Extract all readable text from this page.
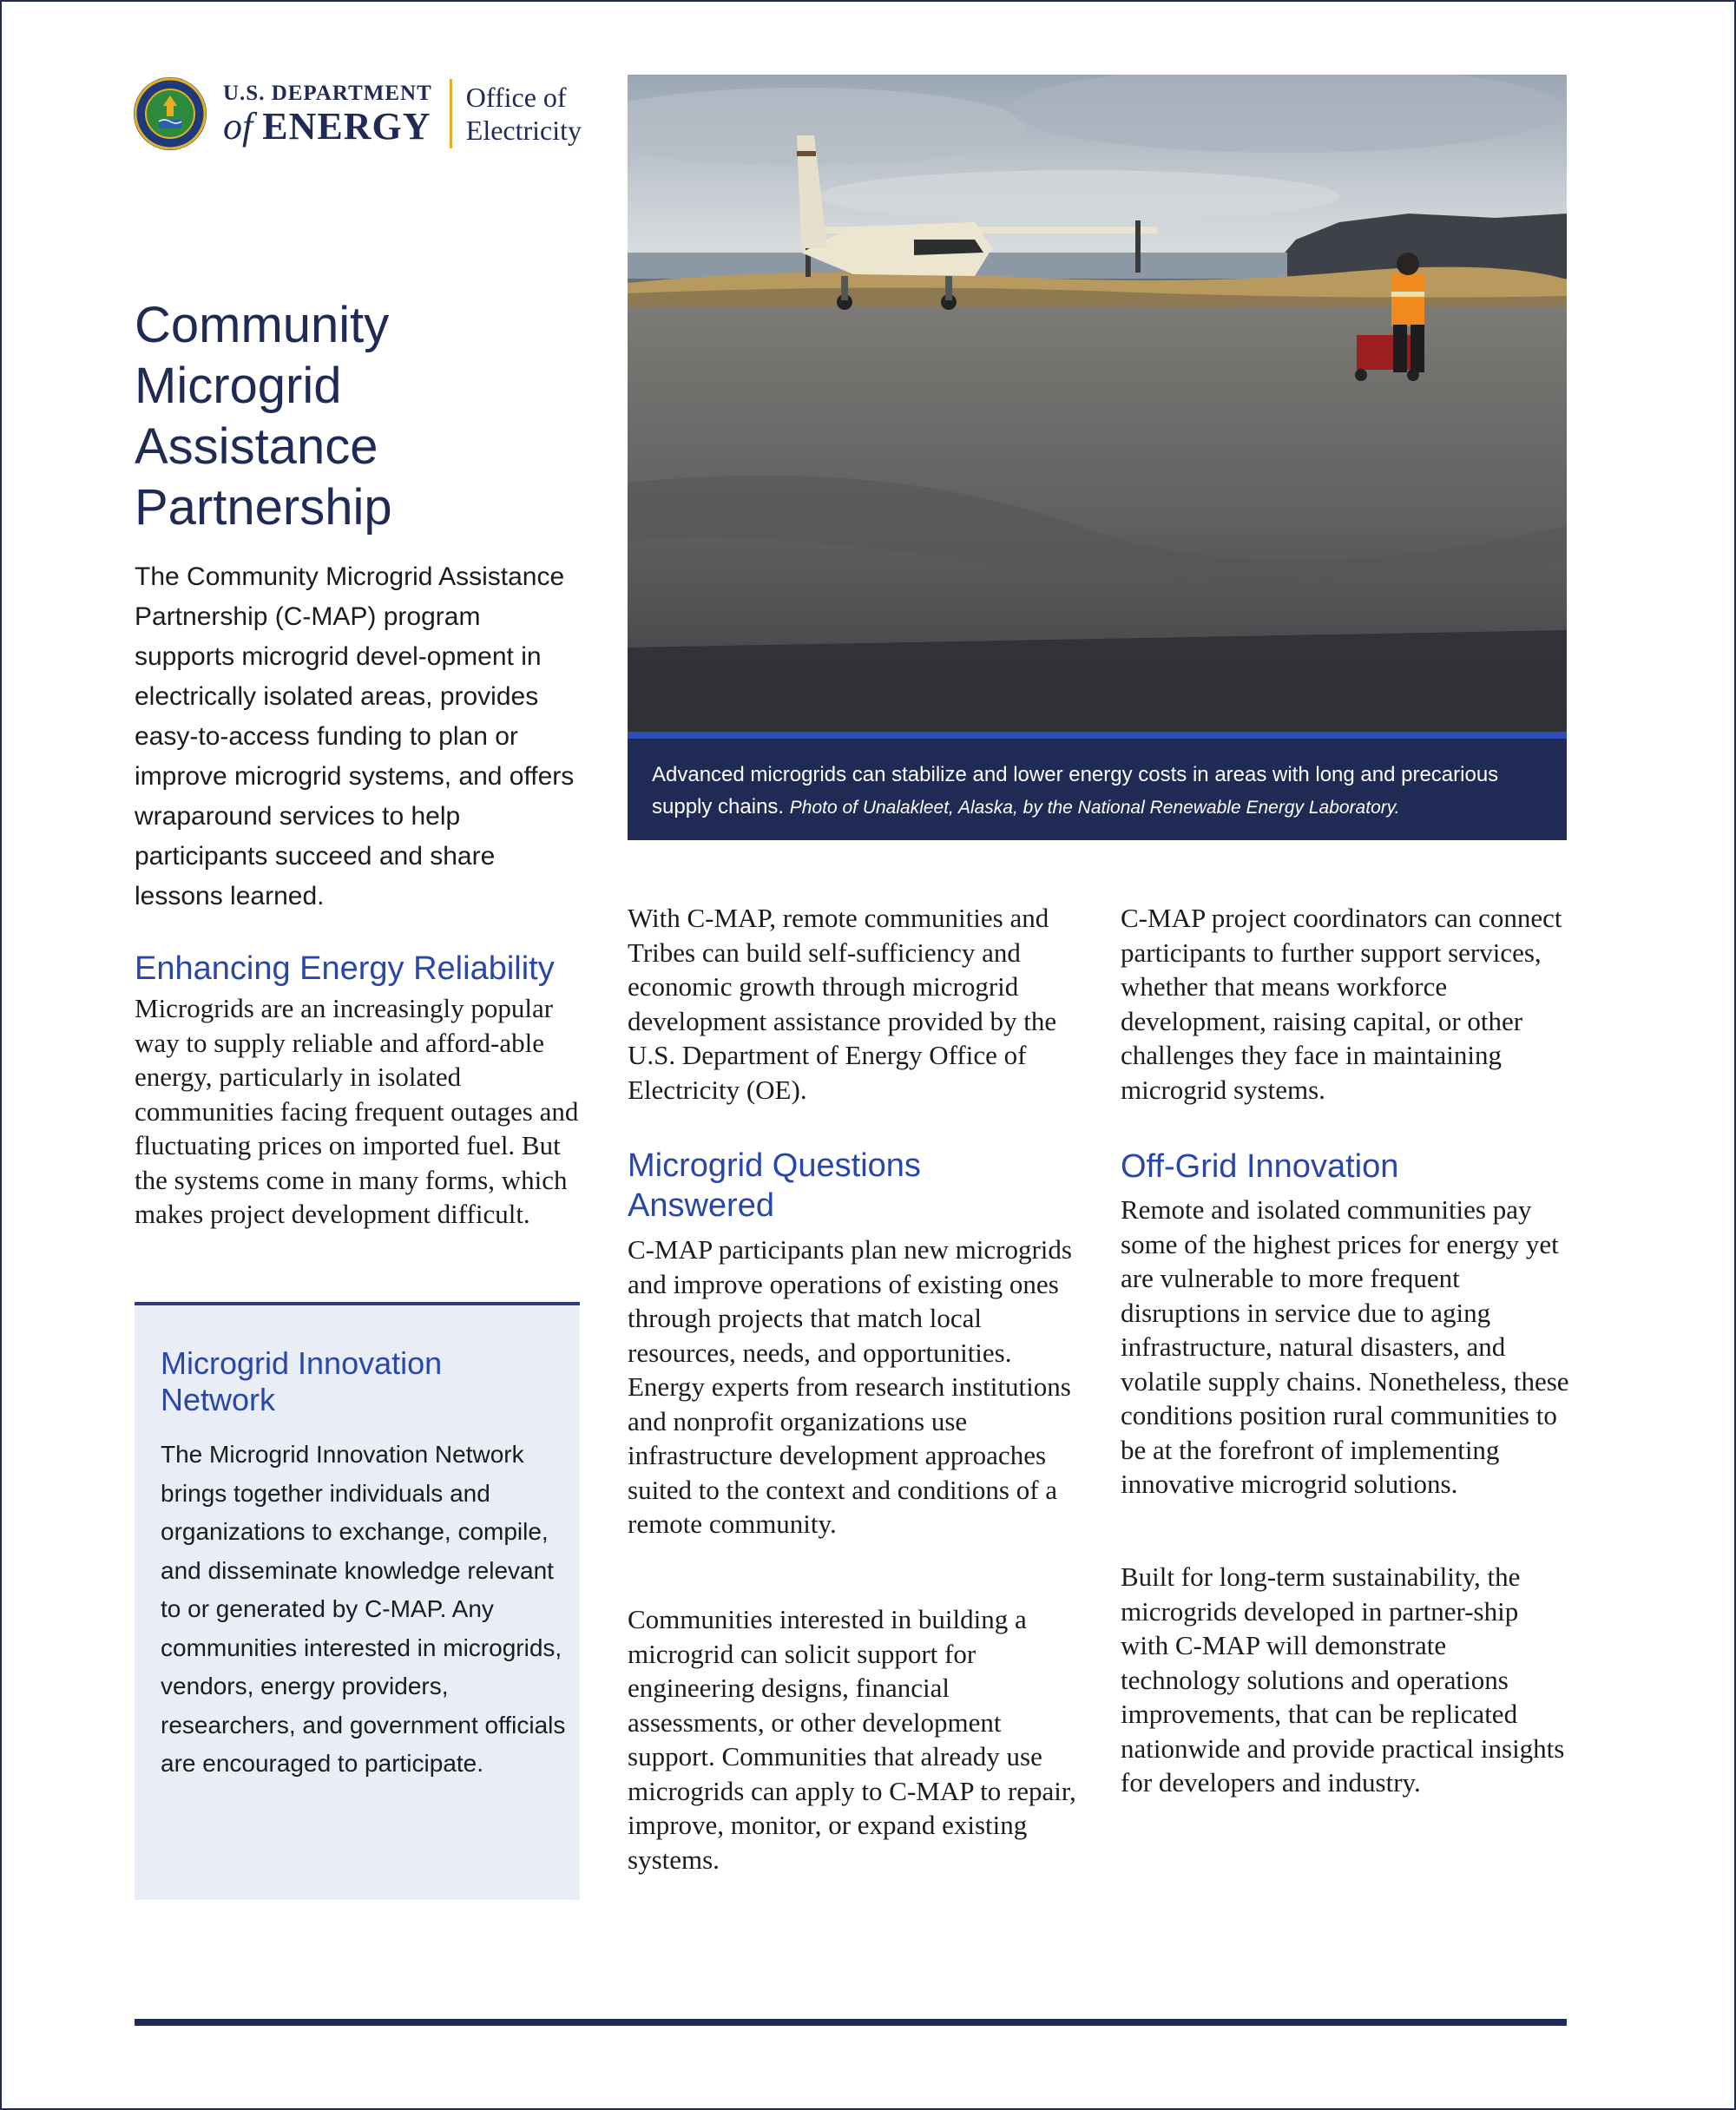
U.S. DEPARTMENT
of ENERGY
Office of
Electricity
Community Microgrid Assistance Partnership

The Community Microgrid Assistance Partnership (C-MAP) program supports microgrid devel-opment in electrically isolated areas, provides easy-to-access funding to plan or improve microgrid systems, and offers wraparound services to help participants succeed and share lessons learned.

Enhancing Energy Reliability

Microgrids are an increasingly popular way to supply reliable and afford-able energy, particularly in isolated communities facing frequent outages and fluctuating prices on imported fuel. But the systems come in many forms, which makes project development difficult.

Microgrid Innovation Network

The Microgrid Innovation Network brings together individuals and organizations to exchange, compile, and disseminate knowledge relevant to or generated by C-MAP. Any communities interested in microgrids, vendors, energy providers, researchers, and government officials are encouraged to participate.

Advanced microgrids can stabilize and lower energy costs in areas with long and precarious supply chains. Photo of Unalakleet, Alaska, by the National Renewable Energy Laboratory.

With C-MAP, remote communities and Tribes can build self-sufficiency and economic growth through microgrid development assistance provided by the U.S. Department of Energy Office of Electricity (OE).

Microgrid Questions Answered

C-MAP participants plan new microgrids and improve operations of existing ones through projects that match local resources, needs, and opportunities. Energy experts from research institutions and nonprofit organizations use infrastructure development approaches suited to the context and conditions of a remote community.

Communities interested in building a microgrid can solicit support for engineering designs, financial assessments, or other development support. Communities that already use microgrids can apply to C-MAP to repair, improve, monitor, or expand existing systems.

C-MAP project coordinators can connect participants to further support services, whether that means workforce development, raising capital, or other challenges they face in maintaining microgrid systems.

Off-Grid Innovation

Remote and isolated communities pay some of the highest prices for energy yet are vulnerable to more frequent disruptions in service due to aging infrastructure, natural disasters, and volatile supply chains. Nonetheless, these conditions position rural communities to be at the forefront of implementing innovative microgrid solutions.

Built for long-term sustainability, the microgrids developed in partner-ship with C-MAP will demonstrate technology solutions and operations improvements, that can be replicated nationwide and provide practical insights for developers and industry.
